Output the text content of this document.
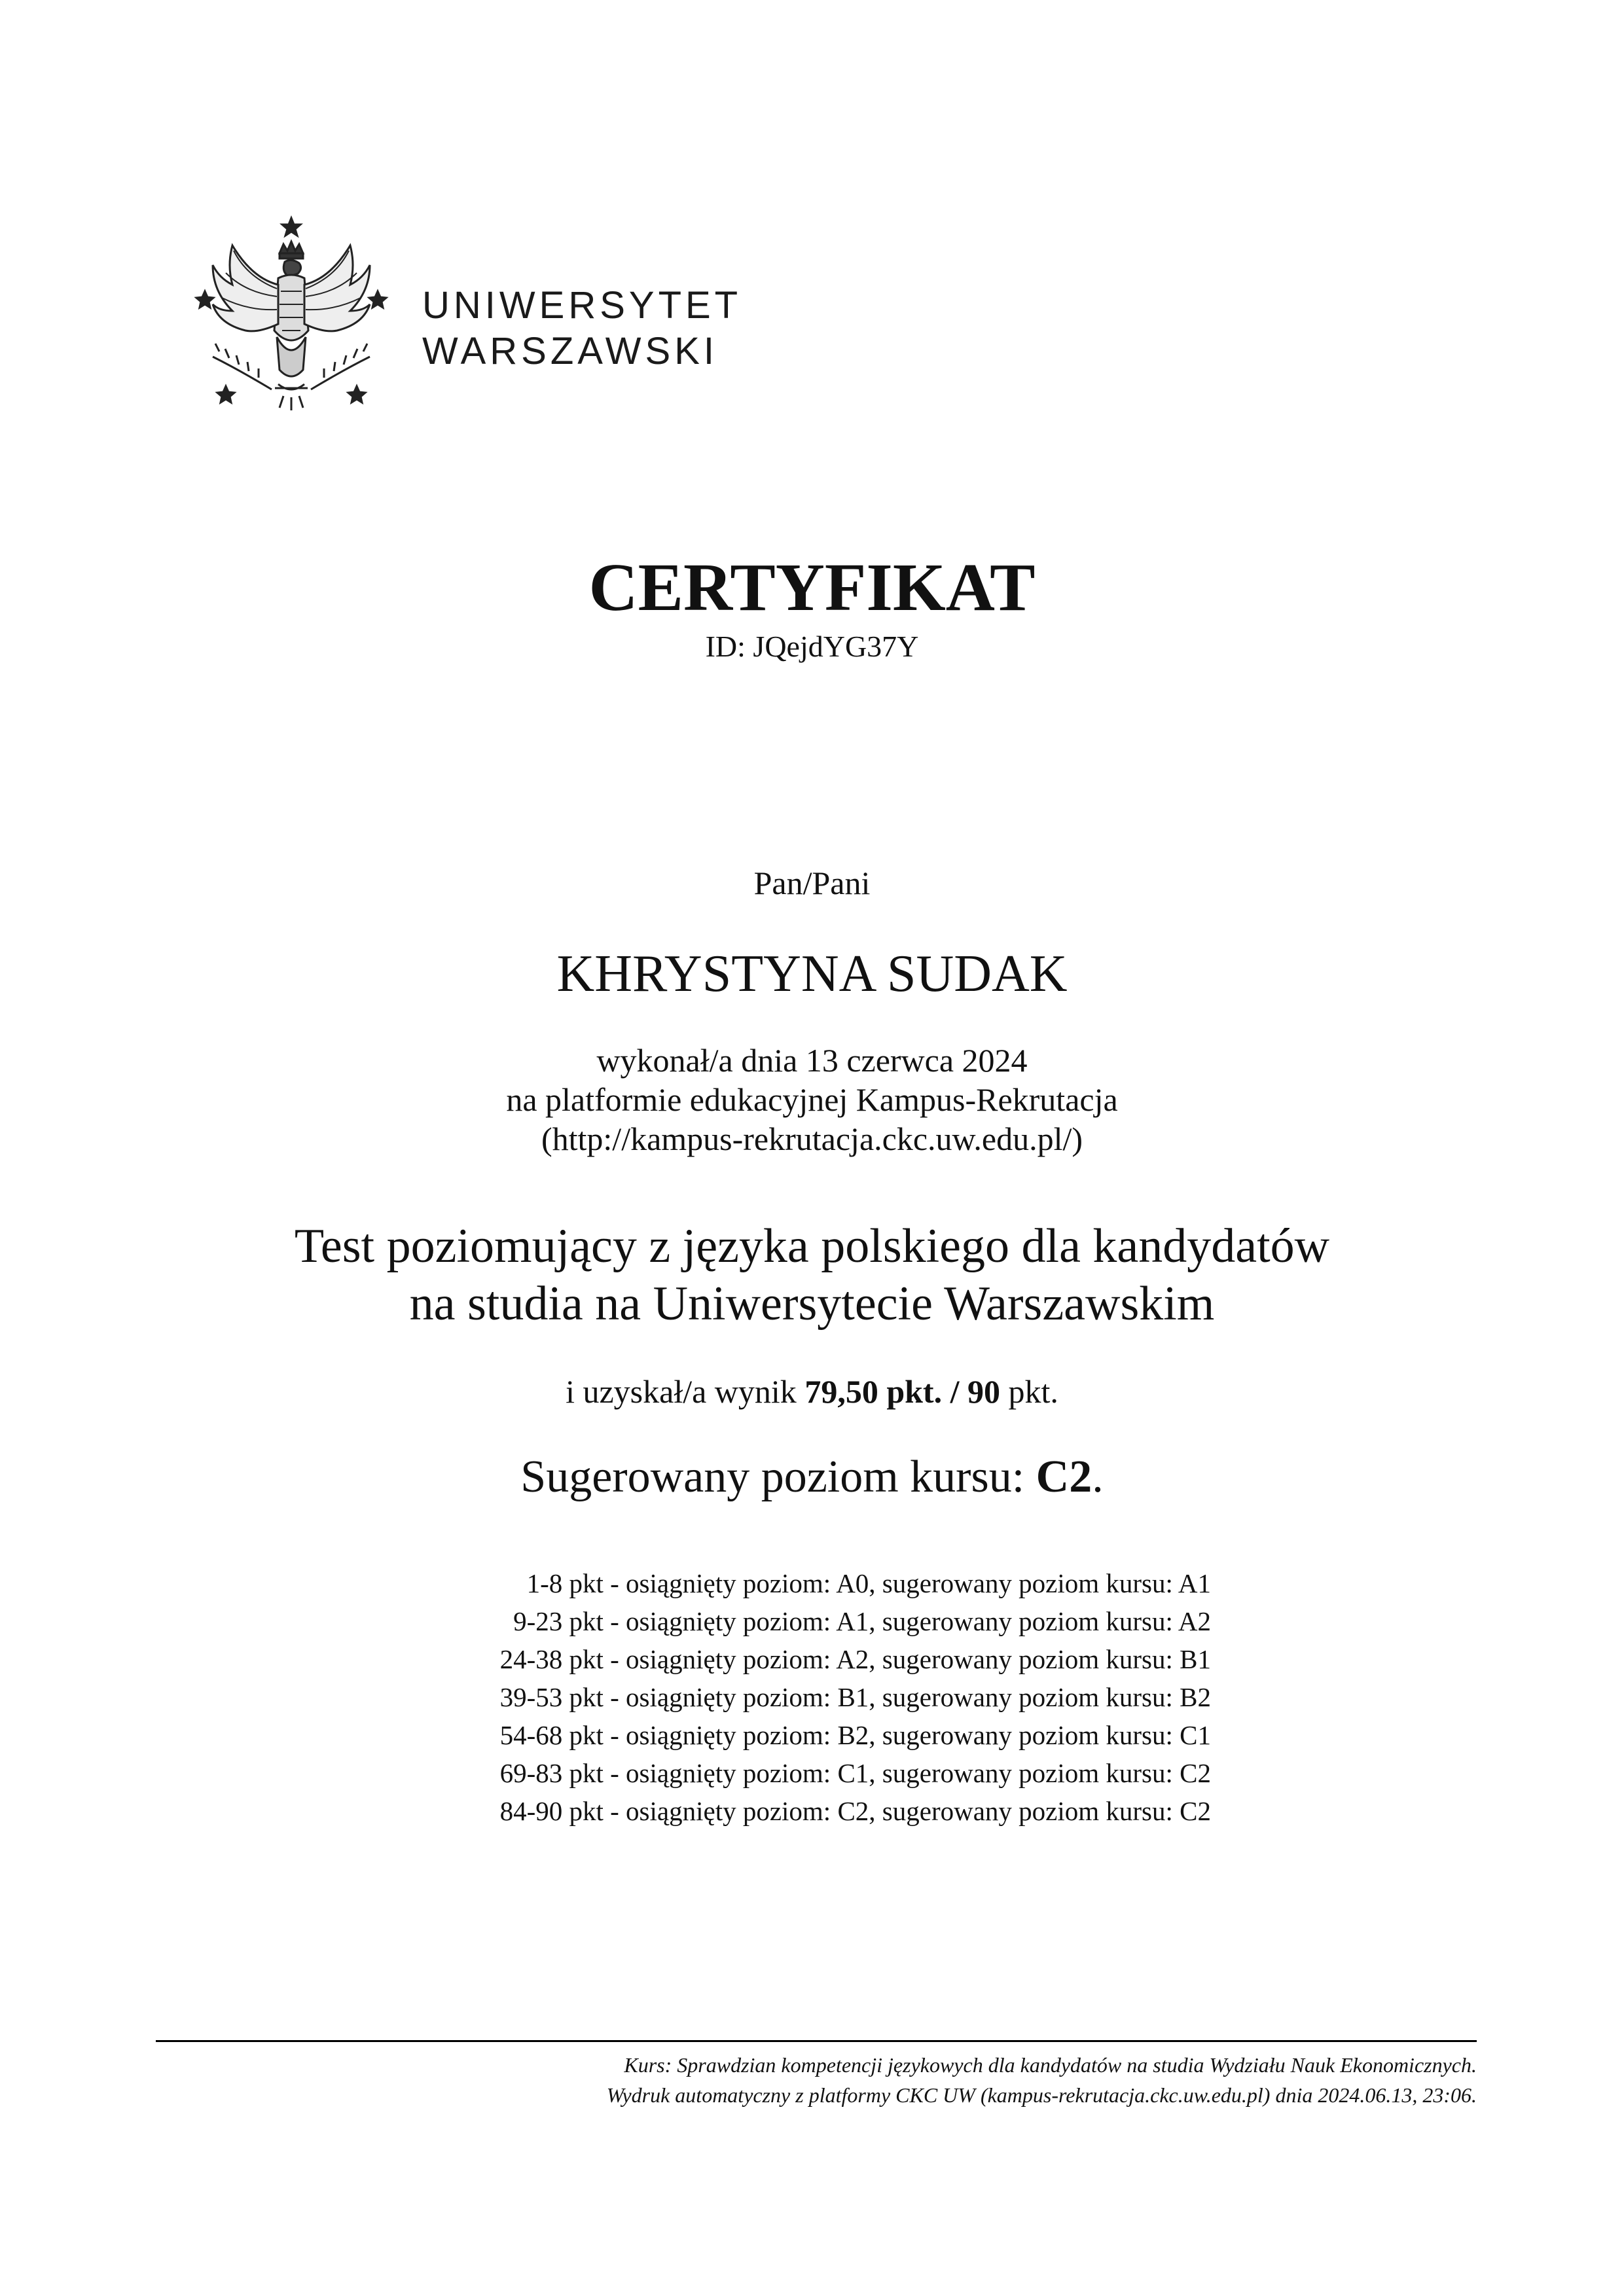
UNIWERSYTET
WARSZAWSKI
CERTYFIKAT
ID: JQejdYG37Y
Pan/Pani
KHRYSTYNA SUDAK
wykonał/a dnia 13 czerwca 2024
na platformie edukacyjnej Kampus-Rekrutacja
(http://kampus-rekrutacja.ckc.uw.edu.pl/)
Test poziomujący z języka polskiego dla kandydatów
na studia na Uniwersytecie Warszawskim
i uzyskał/a wynik 79,50 pkt. / 90 pkt.
Sugerowany poziom kursu: C2.
1-8 pkt - osiągnięty poziom: A0, sugerowany poziom kursu: A1
9-23 pkt - osiągnięty poziom: A1, sugerowany poziom kursu: A2
24-38 pkt - osiągnięty poziom: A2, sugerowany poziom kursu: B1
39-53 pkt - osiągnięty poziom: B1, sugerowany poziom kursu: B2
54-68 pkt - osiągnięty poziom: B2, sugerowany poziom kursu: C1
69-83 pkt - osiągnięty poziom: C1, sugerowany poziom kursu: C2
84-90 pkt - osiągnięty poziom: C2, sugerowany poziom kursu: C2
Kurs: Sprawdzian kompetencji językowych dla kandydatów na studia Wydziału Nauk Ekonomicznych.
Wydruk automatyczny z platformy CKC UW (kampus-rekrutacja.ckc.uw.edu.pl) dnia 2024.06.13, 23:06.
